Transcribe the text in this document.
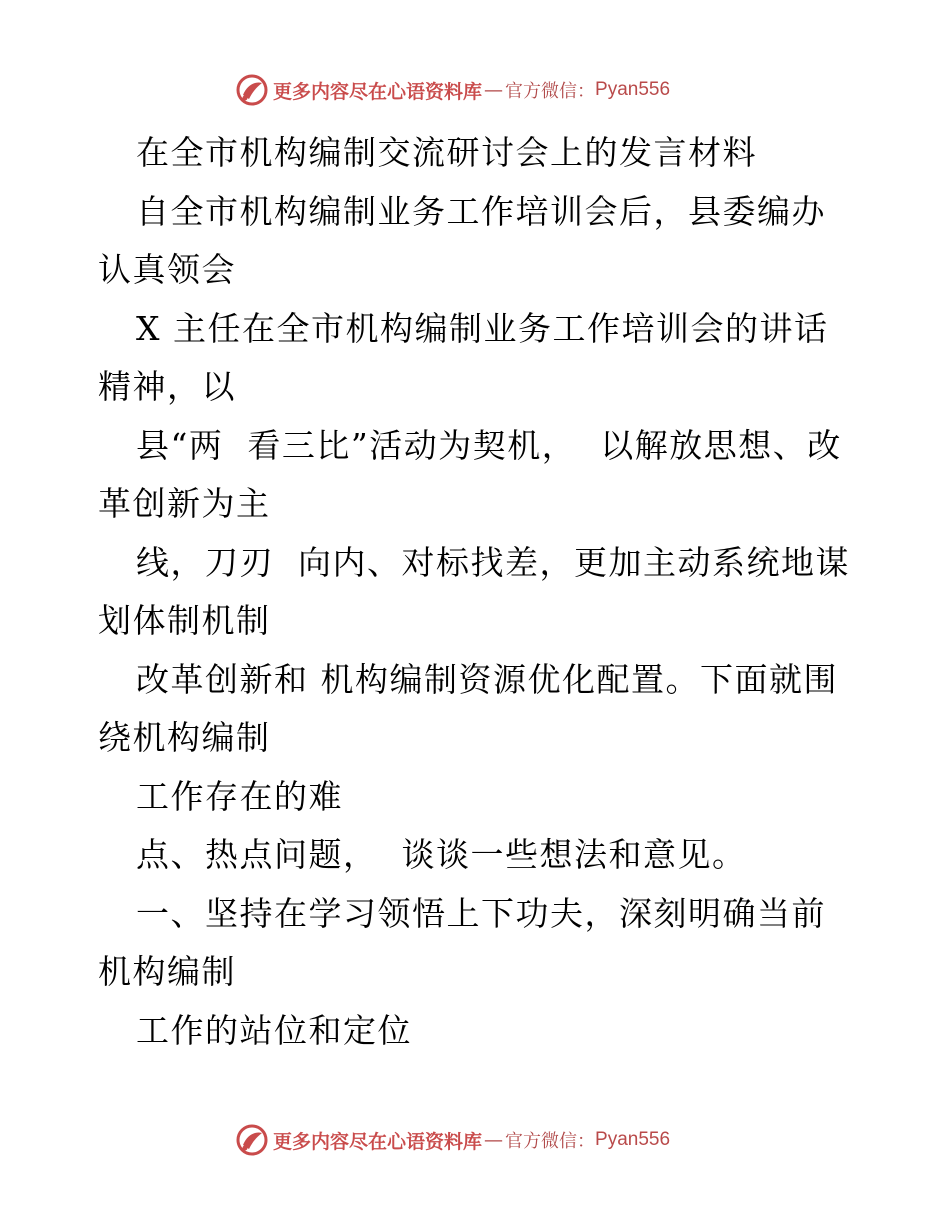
更多内容尽在心语资料库 — 官方微信： Pyan556

在全市机构编制交流研讨会上的发言材料

自全市机构编制业务工作培训会后，县委编办认真领会

X 主任在全市机构编制业务工作培训会的讲话精神，以

县“两  看三比”活动为契机，  以解放思想、改革创新为主

线，刀刃  向内、对标找差，更加主动系统地谋划体制机制

改革创新和 机构编制资源优化配置。下面就围绕机构编制

工作存在的难

点、热点问题，  谈谈一些想法和意见。

一、坚持在学习领悟上下功夫，深刻明确当前机构编制

工作的站位和定位

更多内容尽在心语资料库 — 官方微信： Pyan556
